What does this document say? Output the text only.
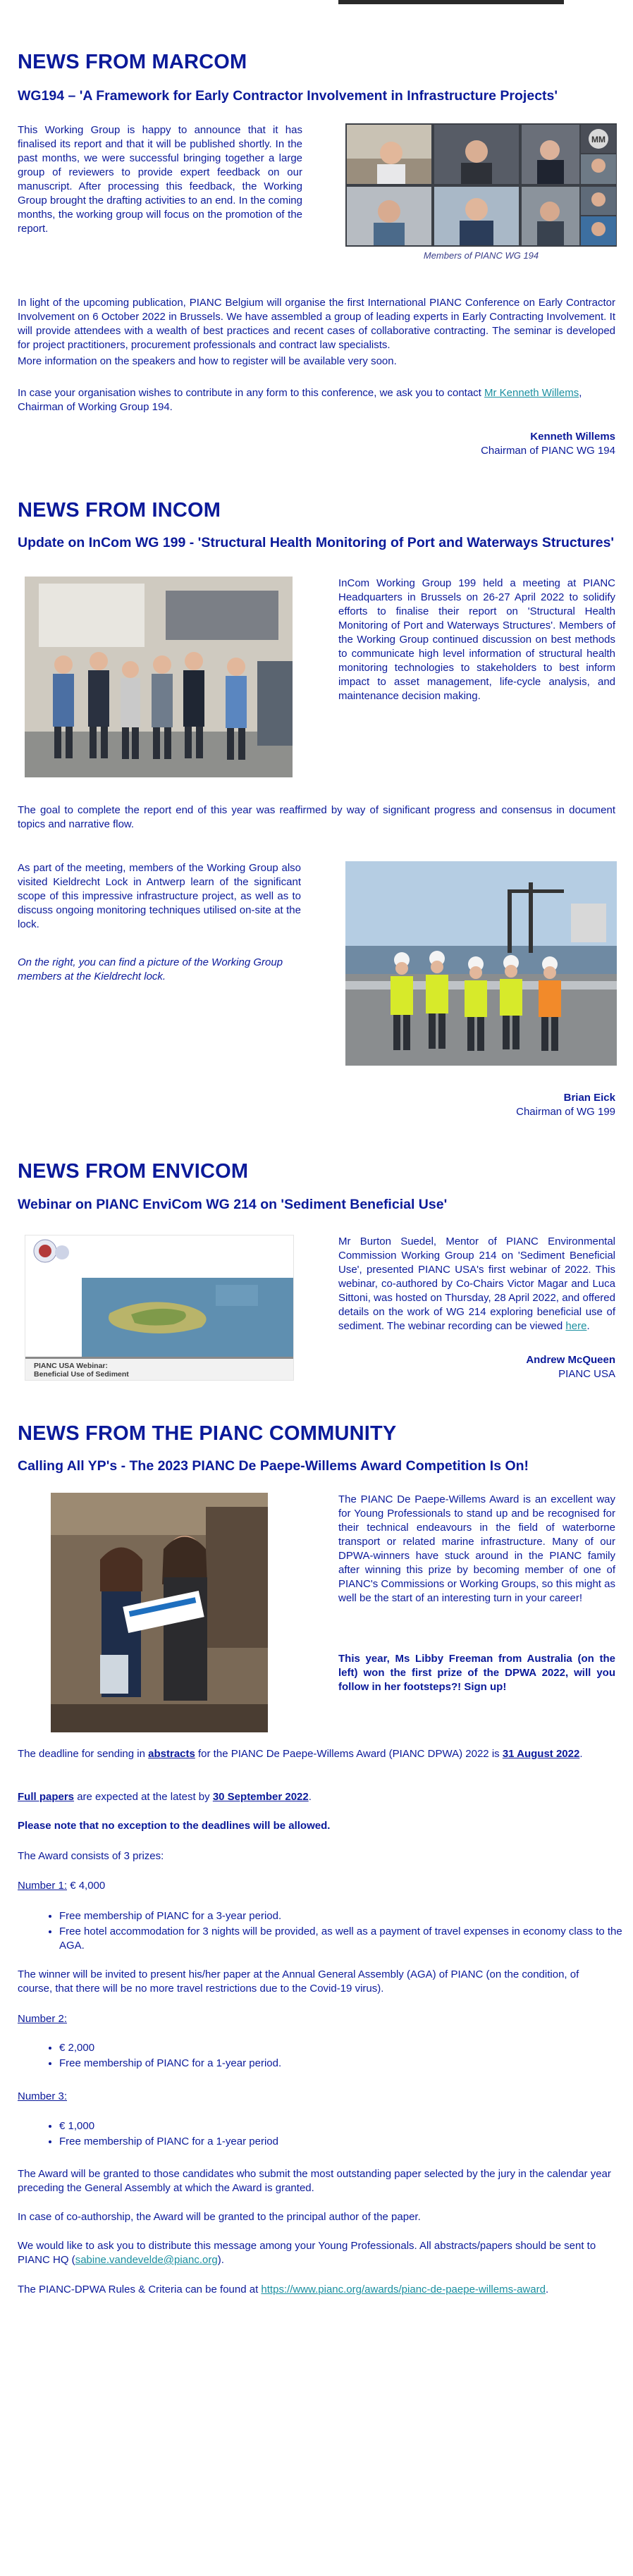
NEWS FROM MARCOM
WG194 – 'A Framework for Early Contractor Involvement in Infrastructure Projects'

This Working Group is happy to announce that it has finalised its report and that it will be published shortly. In the past months, we were successful bringing together a large group of reviewers to provide expert feedback on our manuscript. After processing this feedback, the Working Group brought the drafting activities to an end. In the coming months, the working group will focus on the promotion of the report.

MM
Members of PIANC WG 194

In light of the upcoming publication, PIANC Belgium will organise the first International PIANC Conference on Early Contractor Involvement on 6 October 2022 in Brussels. We have assembled a group of leading experts in Early Contracting Involvement. It will provide attendees with a wealth of best practices and recent cases of collaborative contracting. The seminar is developed for project practitioners, procurement professionals and contract law specialists.

More information on the speakers and how to register will be available very soon.

In case your organisation wishes to contribute in any form to this conference, we ask you to contact Mr Kenneth Willems, Chairman of Working Group 194.

Kenneth Willems
Chairman of PIANC WG 194
NEWS FROM INCOM
Update on InCom WG 199 - 'Structural Health Monitoring of Port and Waterways Structures'

InCom Working Group 199 held a meeting at PIANC Headquarters in Brussels on 26-27 April 2022 to solidify efforts to finalise their report on 'Structural Health Monitoring of Port and Waterways Structures'. Members of the Working Group continued discussion on best methods to communicate high level information of structural health monitoring technologies to stakeholders to best inform impact to asset management, life-cycle analysis, and maintenance decision making.

The goal to complete the report end of this year was reaffirmed by way of significant progress and consensus in document topics and narrative flow.

As part of the meeting, members of the Working Group also visited Kieldrecht Lock in Antwerp learn of the significant scope of this impressive infrastructure project, as well as to discuss ongoing monitoring techniques utilised on-site at the lock.

On the right, you can find a picture of the Working Group members at the Kieldrecht lock.

Brian Eick
Chairman of WG 199
NEWS FROM ENVICOM
Webinar on PIANC EnviCom WG 214 on 'Sediment Beneficial Use'
PIANC USA Webinar:
Beneficial Use of Sediment

Mr Burton Suedel, Mentor of PIANC Environmental Commission Working Group 214 on 'Sediment Beneficial Use', presented PIANC USA's first webinar of 2022. This webinar, co-authored by Co-Chairs Victor Magar and Luca Sittoni, was hosted on Thursday, 28 April 2022, and offered details on the work of WG 214 exploring beneficial use of sediment. The webinar recording can be viewed here.

Andrew McQueen
PIANC USA
NEWS FROM THE PIANC COMMUNITY
Calling All YP's - The 2023 PIANC De Paepe-Willems Award Competition Is On!

The PIANC De Paepe-Willems Award is an excellent way for Young Professionals to stand up and be recognised for their technical endeavours in the field of waterborne transport or related marine infrastructure. Many of our DPWA-winners have stuck around in the PIANC family after winning this prize by becoming member of one of PIANC's Commissions or Working Groups, so this might as well be the start of an interesting turn in your career!

This year, Ms Libby Freeman from Australia (on the left) won the first prize of the DPWA 2022, will you follow in her footsteps?! Sign up!

The deadline for sending in abstracts for the PIANC De Paepe-Willems Award (PIANC DPWA) 2022 is 31 August 2022.

Full papers are expected at the latest by 30 September 2022.

Please note that no exception to the deadlines will be allowed.

The Award consists of 3 prizes:

Number 1: € 4,000

• Free membership of PIANC for a 3-year period.
• Free hotel accommodation for 3 nights will be provided, as well as a payment of travel expenses in economy class to the AGA.

The winner will be invited to present his/her paper at the Annual General Assembly (AGA) of PIANC (on the condition, of course, that there will be no more travel restrictions due to the Covid-19 virus).

Number 2:

• € 2,000
• Free membership of PIANC for a 1-year period.

Number 3:

• € 1,000
• Free membership of PIANC for a 1-year period

The Award will be granted to those candidates who submit the most outstanding paper selected by the jury in the calendar year preceding the General Assembly at which the Award is granted.

In case of co-authorship, the Award will be granted to the principal author of the paper.

We would like to ask you to distribute this message among your Young Professionals. All abstracts/papers should be sent to PIANC HQ (sabine.vandevelde@pianc.org).

The PIANC-DPWA Rules & Criteria can be found at https://www.pianc.org/awards/pianc-de-paepe-willems-award.
